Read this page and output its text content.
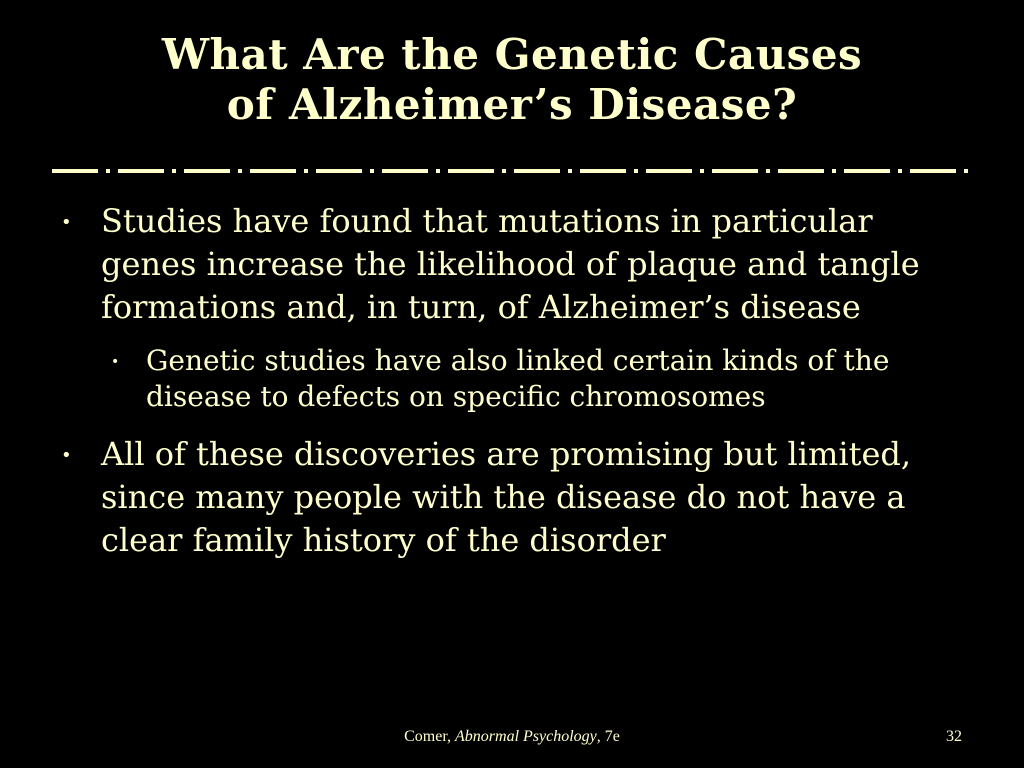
What Are the Genetic Causes
of Alzheimer’s Disease?
• Studies have found that mutations in particular genes increase the likelihood of plaque and tangle formations and, in turn, of Alzheimer’s disease
• Genetic studies have also linked certain kinds of the disease to defects on specific chromosomes
• All of these discoveries are promising but limited, since many people with the disease do not have a clear family history of the disorder
Comer, Abnormal Psychology, 7e	32
